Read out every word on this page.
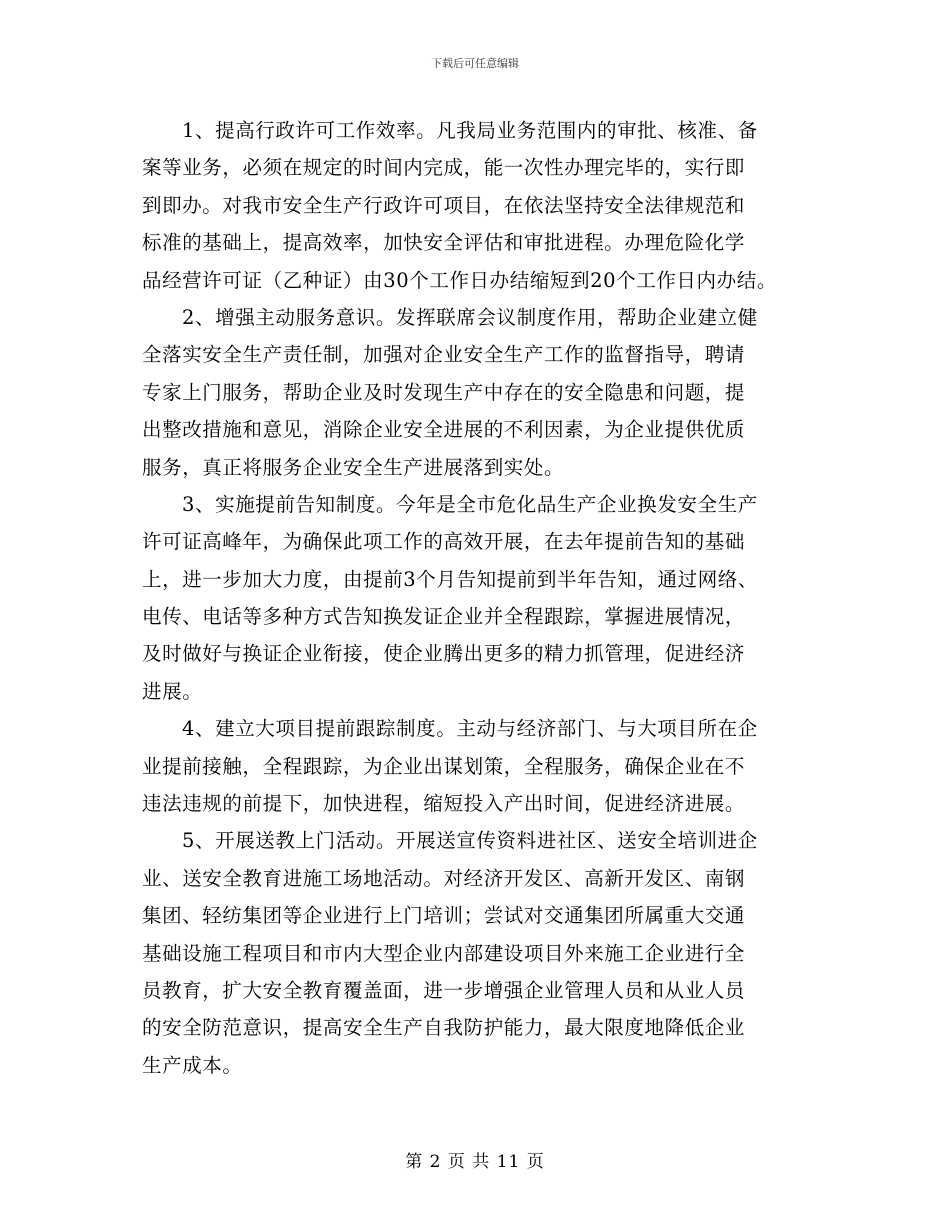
下载后可任意编辑
1、提高行政许可工作效率。凡我局业务范围内的审批、核准、备
案等业务，必须在规定的时间内完成，能一次性办理完毕的，实行即
到即办。对我市安全生产行政许可项目，在依法坚持安全法律规范和
标准的基础上，提高效率，加快安全评估和审批进程。办理危险化学
品经营许可证（乙种证）由30个工作日办结缩短到20个工作日内办结。
2、增强主动服务意识。发挥联席会议制度作用，帮助企业建立健
全落实安全生产责任制，加强对企业安全生产工作的监督指导，聘请
专家上门服务，帮助企业及时发现生产中存在的安全隐患和问题，提
出整改措施和意见，消除企业安全进展的不利因素，为企业提供优质
服务，真正将服务企业安全生产进展落到实处。
3、实施提前告知制度。今年是全市危化品生产企业换发安全生产
许可证高峰年，为确保此项工作的高效开展，在去年提前告知的基础
上，进一步加大力度，由提前3个月告知提前到半年告知，通过网络、
电传、电话等多种方式告知换发证企业并全程跟踪，掌握进展情况，
及时做好与换证企业衔接，使企业腾出更多的精力抓管理，促进经济
进展。
4、建立大项目提前跟踪制度。主动与经济部门、与大项目所在企
业提前接触，全程跟踪，为企业出谋划策，全程服务，确保企业在不
违法违规的前提下，加快进程，缩短投入产出时间，促进经济进展。
5、开展送教上门活动。开展送宣传资料进社区、送安全培训进企
业、送安全教育进施工场地活动。对经济开发区、高新开发区、南钢
集团、轻纺集团等企业进行上门培训；尝试对交通集团所属重大交通
基础设施工程项目和市内大型企业内部建设项目外来施工企业进行全
员教育，扩大安全教育覆盖面，进一步增强企业管理人员和从业人员
的安全防范意识，提高安全生产自我防护能力，最大限度地降低企业
生产成本。
第 2 页 共 11 页
